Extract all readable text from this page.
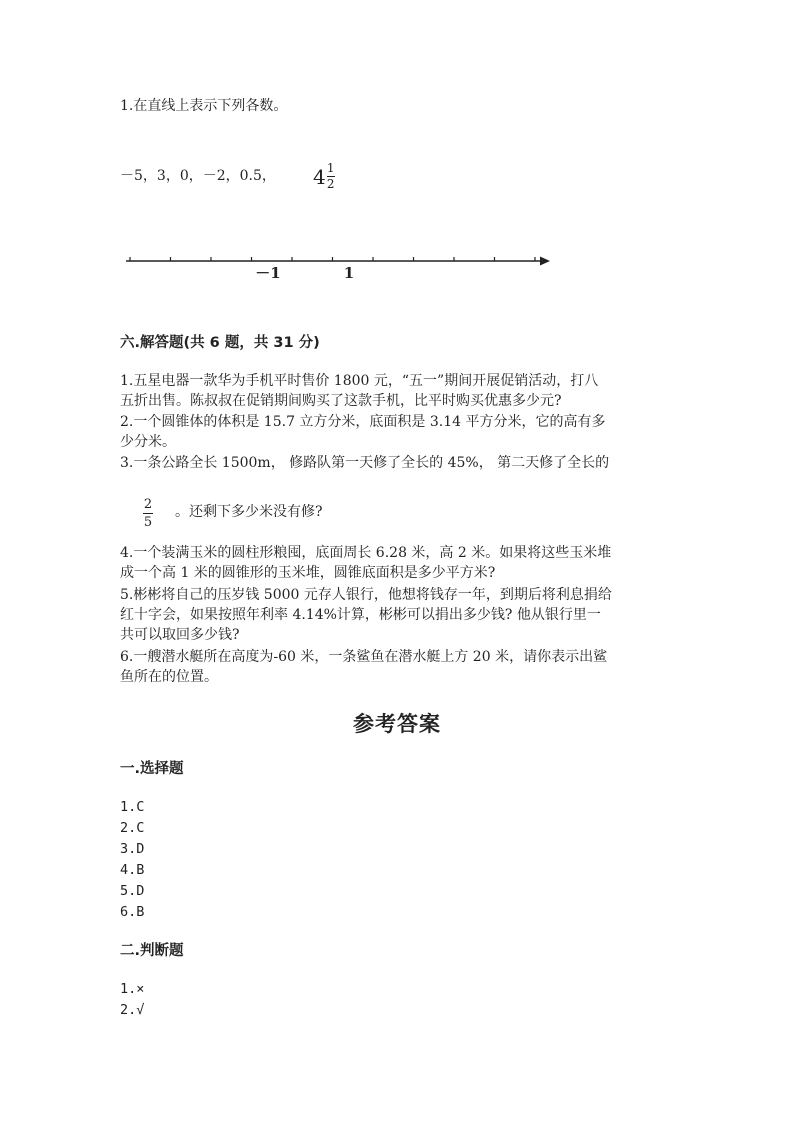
1.在直线上表示下列各数。
－5，3，0，－2，0.5， $4 \frac{1}{2}$
－1	1
六.解答题(共 6 题，共 31 分)
1.五星电器一款华为手机平时售价 1800 元，“五一”期间开展促销活动，打八
五折出售。陈叔叔在促销期间购买了这款手机，比平时购买优惠多少元?
2.一个圆锥体的体积是 15.7 立方分米，底面积是 3.14 平方分米，它的高有多
少分米。
3.一条公路全长 1500m， 修路队第一天修了全长的 45%， 第二天修了全长的
2
5
。还剩下多少米没有修?
4.一个装满玉米的圆柱形粮囤，底面周长 6.28 米，高 2 米。如果将这些玉米堆
成一个高 1 米的圆锥形的玉米堆，圆锥底面积是多少平方米?
5.彬彬将自己的压岁钱 5000 元存人银行，他想将钱存一年，到期后将利息捐给
红十字会，如果按照年利率 4.14%计算，彬彬可以捐出多少钱? 他从银行里一
共可以取回多少钱?
6.一艘潜水艇所在高度为-60 米，一条鲨鱼在潜水艇上方 20 米，请你表示出鲨
鱼所在的位置。
参考答案
一.选择题
1.C
2.C
3.D
4.B
5.D
6.B
二.判断题
1.×
2.√
